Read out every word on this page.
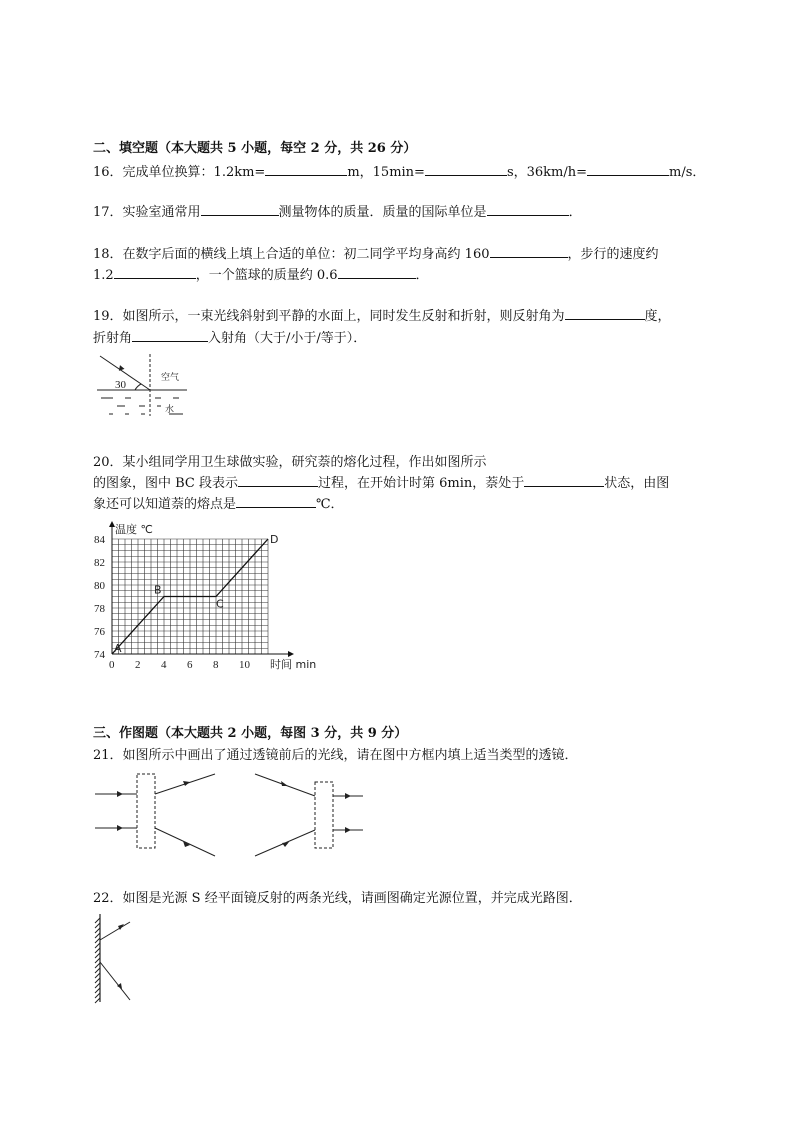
二、填空题（本大题共 5 小题，每空 2 分，共 26 分）
16．完成单位换算：1.2km=	m，15min=	s，36km/h=	m/s．
17．实验室通常用	测量物体的质量．质量的国际单位是	．
18．在数字后面的横线上填上合适的单位：初二同学平均身高约 160	，步行的速度约
1.2	，一个篮球的质量约 0.6	．
19．如图所示，一束光线斜射到平静的水面上，同时发生反射和折射，则反射角为	度，
折射角	入射角（大于/小于/等于）．
30
空气
水
20．某小组同学用卫生球做实验，研究萘的熔化过程，作出如图所示
的图象，图中 BC 段表示	过程，在开始计时第 6min，萘处于	状态，由图
象还可以知道萘的熔点是	℃．
0 2 4 6 8 10
74
76
78
80
82
84
A
B
C
D
温度 ℃
时间 min
三、作图题（本大题共 2 小题，每图 3 分，共 9 分）
21．如图所示中画出了通过透镜前后的光线，请在图中方框内填上适当类型的透镜．
22．如图是光源 S 经平面镜反射的两条光线，请画图确定光源位置，并完成光路图．
